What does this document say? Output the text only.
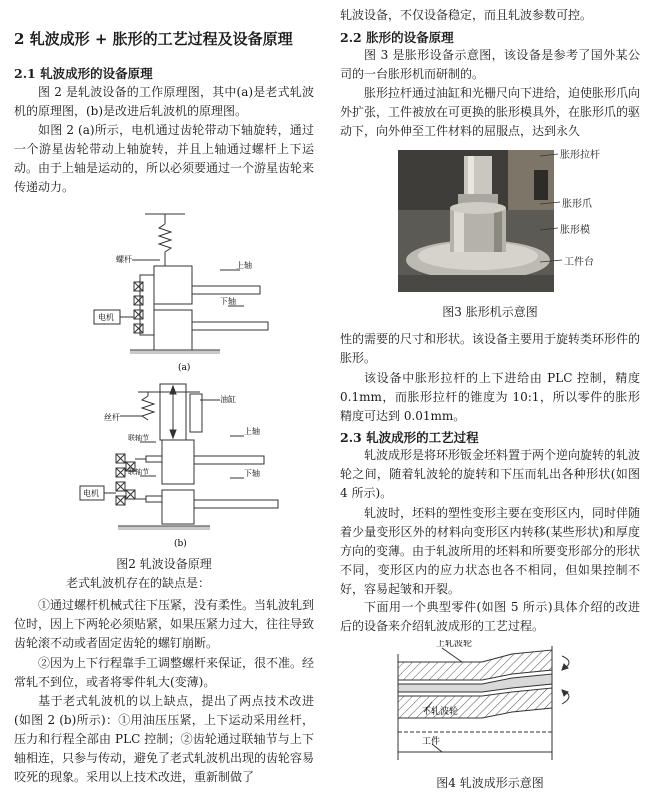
2 轧波成形 + 胀形的工艺过程及设备原理
2.1 轧波成形的设备原理

图 2 是轧波设备的工作原理图，其中(a)是老式轧波机的原理图，(b)是改进后轧波机的原理图。

如图 2 (a)所示，电机通过齿轮带动下轴旋转，通过一个游星齿轮带动上轴旋转，并且上轴通过螺杆上下运动。由于上轴是运动的，所以必须要通过一个游星齿轮来传递动力。

螺杆
上轴
下轴
电机
(a)
丝杆
油缸
联轴节
联轴节
上轴
下轴
电机
(b)
图2 轧波设备原理

老式轧波机存在的缺点是：

①通过螺杆机械式往下压紧，没有柔性。当轧波轧到位时，因上下两轮必须贴紧，如果压紧力过大，往往导致齿轮滚不动或者固定齿轮的螺钉崩断。

②因为上下行程靠手工调整螺杆来保证，很不准。经常轧不到位，或者将零件轧大(变薄)。

基于老式轧波机的以上缺点，提出了两点技术改进(如图 2 (b)所示)：①用油压压紧，上下运动采用丝杆，压力和行程全部由 PLC 控制；②齿轮通过联轴节与上下轴相连，只参与传动，避免了老式轧波机出现的齿轮容易咬死的现象。采用以上技术改进，重新制做了

轧波设备，不仅设备稳定，而且轧波参数可控。

2.2 胀形的设备原理

图 3 是胀形设备示意图，该设备是参考了国外某公司的一台胀形机而研制的。

胀形拉杆通过油缸和光栅尺向下进给，迫使胀形爪向外扩张，工件被放在可更换的胀形模具外，在胀形爪的驱动下，向外伸至工件材料的屈服点，达到永久

胀形拉杆
胀形爪
胀形模
工件台
图3 胀形机示意图

性的需要的尺寸和形状。该设备主要用于旋转类环形件的胀形。

该设备中胀形拉杆的上下进给由 PLC 控制，精度 0.1mm，而胀形拉杆的锥度为 10:1，所以零件的胀形精度可达到 0.01mm。

2.3 轧波成形的工艺过程

轧波成形是将环形钣金坯料置于两个逆向旋转的轧波轮之间，随着轧波轮的旋转和下压而轧出各种形状(如图 4 所示)。

轧波时，坯料的塑性变形主要在变形区内，同时伴随着少量变形区外的材料向变形区内转移(某些形状)和厚度方向的变薄。由于轧波所用的坯料和所要变形部分的形状不同，变形区内的应力状态也各不相同，但如果控制不好，容易起皱和开裂。

下面用一个典型零件(如图 5 所示)具体介绍的改进后的设备来介绍轧波成形的工艺过程。

上轧波轮
下轧波轮
工件
图4 轧波成形示意图
